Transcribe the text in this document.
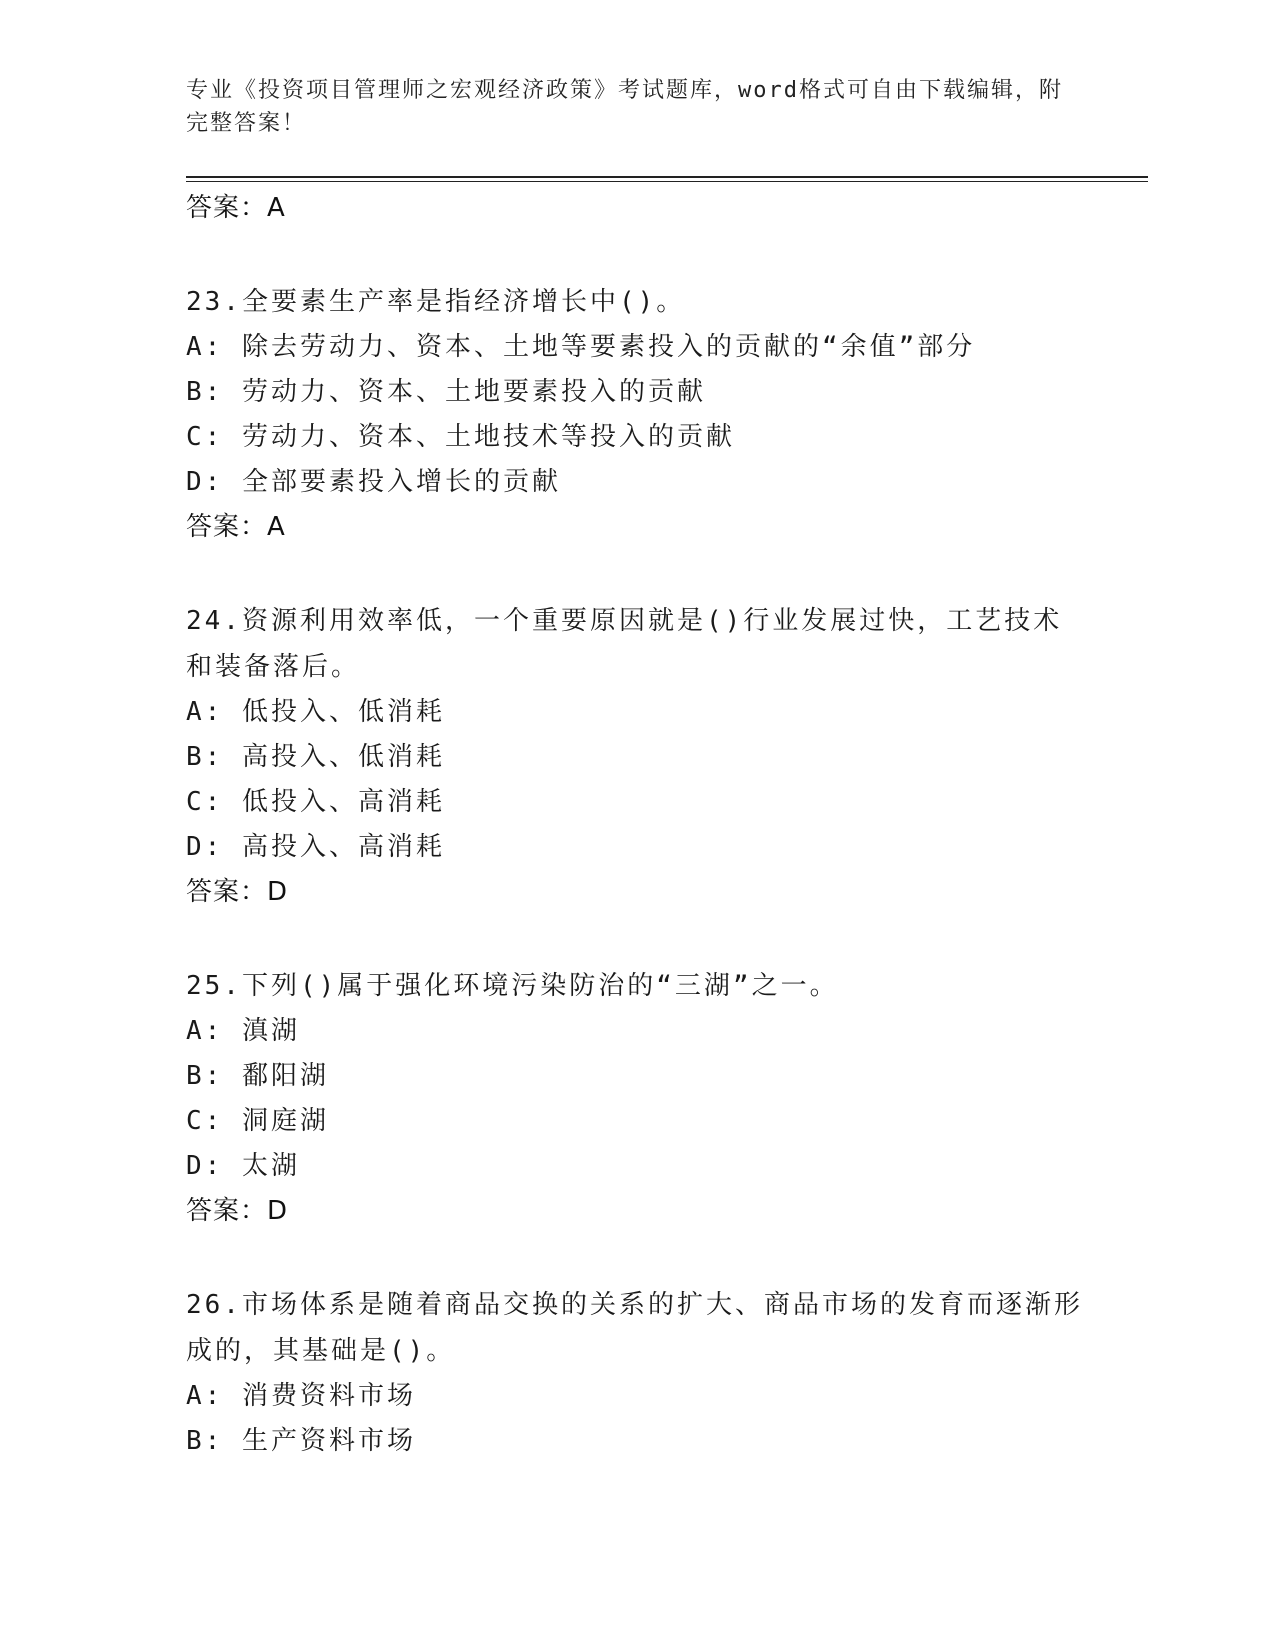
专业《投资项目管理师之宏观经济政策》考试题库，word格式可自由下载编辑，附完整答案！
答案：A
23.全要素生产率是指经济增长中()。
A: 除去劳动力、资本、土地等要素投入的贡献的“余值”部分
B: 劳动力、资本、土地要素投入的贡献
C: 劳动力、资本、土地技术等投入的贡献
D: 全部要素投入增长的贡献
答案：A
24.资源利用效率低，一个重要原因就是()行业发展过快，工艺技术和装备落后。
A: 低投入、低消耗
B: 高投入、低消耗
C: 低投入、高消耗
D: 高投入、高消耗
答案：D
25.下列()属于强化环境污染防治的“三湖”之一。
A: 滇湖
B: 鄱阳湖
C: 洞庭湖
D: 太湖
答案：D
26.市场体系是随着商品交换的关系的扩大、商品市场的发育而逐渐形成的，其基础是()。
A: 消费资料市场
B: 生产资料市场
